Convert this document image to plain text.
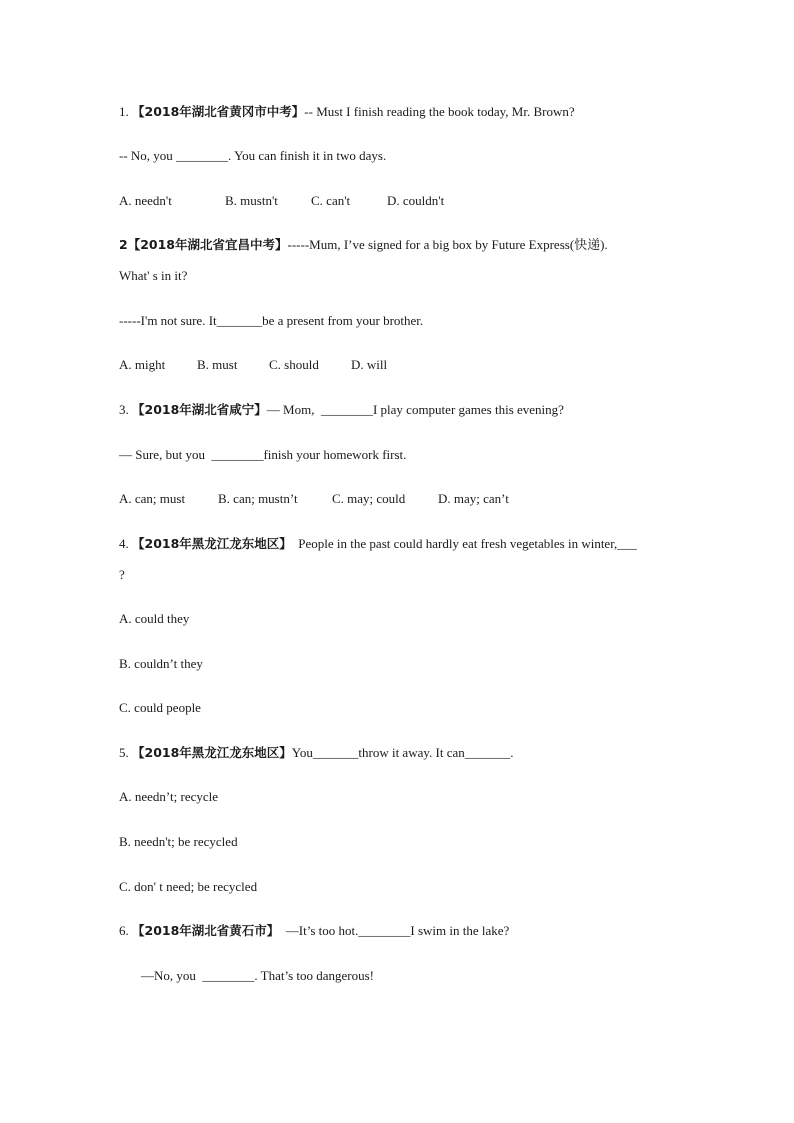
1. 【2018年湖北省黄冈市中考】-- Must I finish reading the book today, Mr. Brown?
-- No, you ________. You can finish it in two days.
A. needn't	B. mustn't	C. can't	D. couldn't
2【2018年湖北省宜昌中考】-----Mum, I’ve signed for a big box by Future Express(快递).
What' s in it?
-----I'm not sure. It_______be a present from your brother.
A. might B. must C. should D. will
3. 【2018年湖北省咸宁】— Mom,  ________I play computer games this evening?
— Sure, but you  ________finish your homework first.
A. can; must	B. can; mustn’t	C. may; could	D. may; can’t
4. 【2018年黑龙江龙东地区】  People in the past could hardly eat fresh vegetables in winter,___
?
A. could they
B. couldn’t they
C. could people
5. 【2018年黑龙江龙东地区】You_______throw it away. It can_______.
A. needn’t; recycle
B. needn't; be recycled
C. don' t need; be recycled
6. 【2018年湖北省黄石市】  —It’s too hot.________I swim in the lake?
—No, you  ________. That’s too dangerous!
